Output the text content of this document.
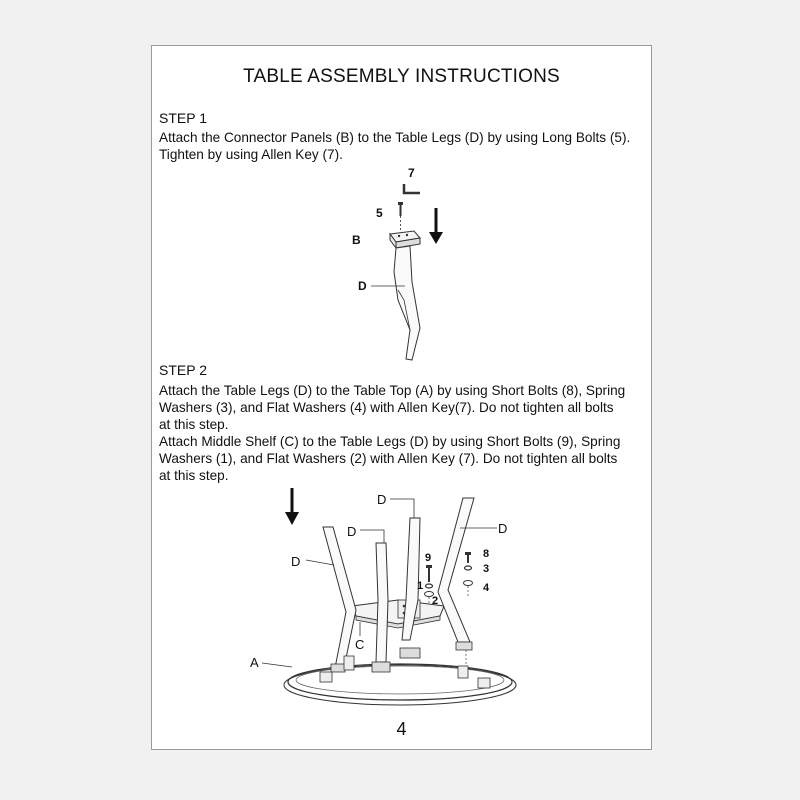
TABLE ASSEMBLY INSTRUCTIONS
STEP 1
Attach the Connector Panels (B) to the Table Legs (D) by using Long Bolts (5).
Tighten by using Allen Key (7).
STEP 2
Attach the Table Legs (D) to the Table Top (A) by using Short Bolts (8), Spring
Washers (3), and Flat Washers (4) with Allen Key(7). Do not tighten all bolts
at this step.
Attach Middle Shelf (C) to the Table Legs (D) by using Short Bolts (9), Spring
Washers (1), and Flat Washers (2) with Allen Key (7). Do not tighten all bolts
at this step.
4
7
5
B
D
A
C
D
D
D
D
9
1
2
8
3
4
